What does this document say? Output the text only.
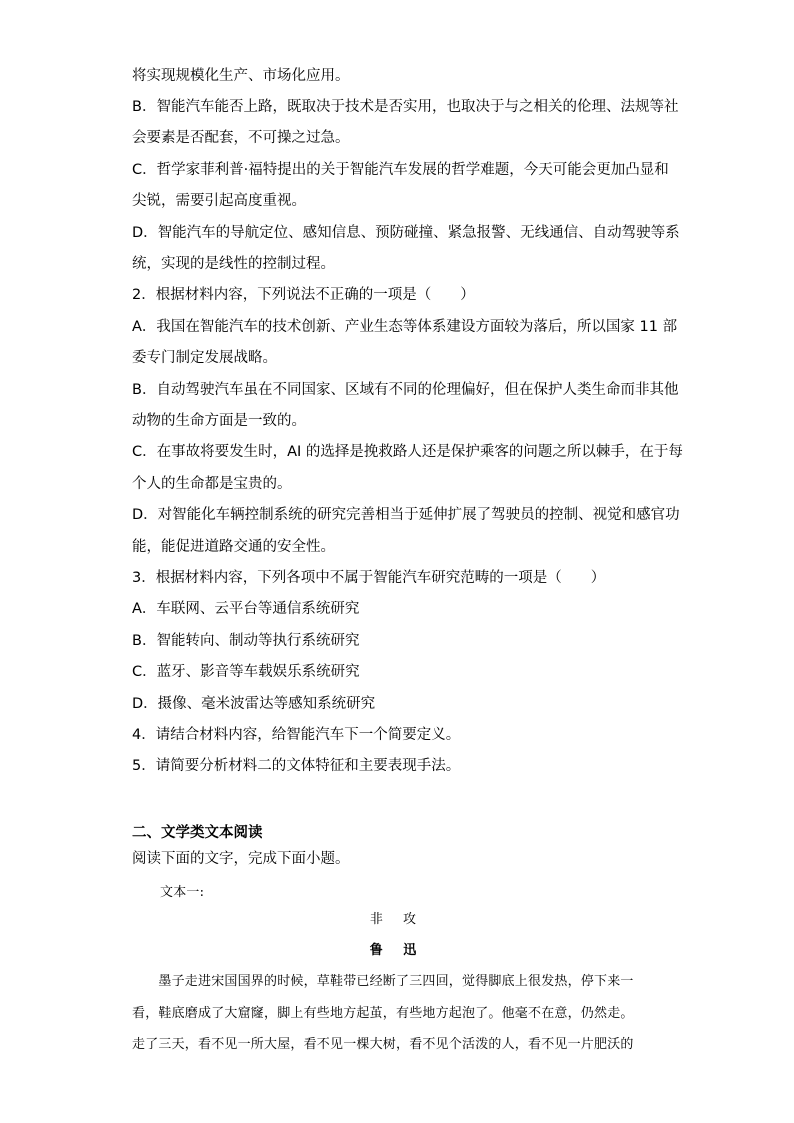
将实现规模化生产、市场化应用。
B．智能汽车能否上路，既取决于技术是否实用，也取决于与之相关的伦理、法规等社
会要素是否配套，不可操之过急。
C．哲学家菲利普·福特提出的关于智能汽车发展的哲学难题，今天可能会更加凸显和
尖锐，需要引起高度重视。
D．智能汽车的导航定位、感知信息、预防碰撞、紧急报警、无线通信、自动驾驶等系
统，实现的是线性的控制过程。
2．根据材料内容，下列说法不正确的一项是（　　）
A．我国在智能汽车的技术创新、产业生态等体系建设方面较为落后，所以国家 11 部
委专门制定发展战略。
B．自动驾驶汽车虽在不同国家、区域有不同的伦理偏好，但在保护人类生命而非其他
动物的生命方面是一致的。
C．在事故将要发生时，AI 的选择是挽救路人还是保护乘客的问题之所以棘手，在于每
个人的生命都是宝贵的。
D．对智能化车辆控制系统的研究完善相当于延伸扩展了驾驶员的控制、视觉和感官功
能，能促进道路交通的安全性。
3．根据材料内容，下列各项中不属于智能汽车研究范畴的一项是（　　）
A．车联网、云平台等通信系统研究
B．智能转向、制动等执行系统研究
C．蓝牙、影音等车载娱乐系统研究
D．摄像、毫米波雷达等感知系统研究
4．请结合材料内容，给智能汽车下一个简要定义。
5．请简要分析材料二的文体特征和主要表现手法。
二、文学类文本阅读
阅读下面的文字，完成下面小题。
文本一:
非 攻
鲁 迅
　　墨子走进宋国国界的时候，草鞋带已经断了三四回，觉得脚底上很发热，停下来一
看，鞋底磨成了大窟窿，脚上有些地方起茧，有些地方起泡了。他毫不在意，仍然走。
走了三天，看不见一所大屋，看不见一棵大树，看不见个活泼的人，看不见一片肥沃的
